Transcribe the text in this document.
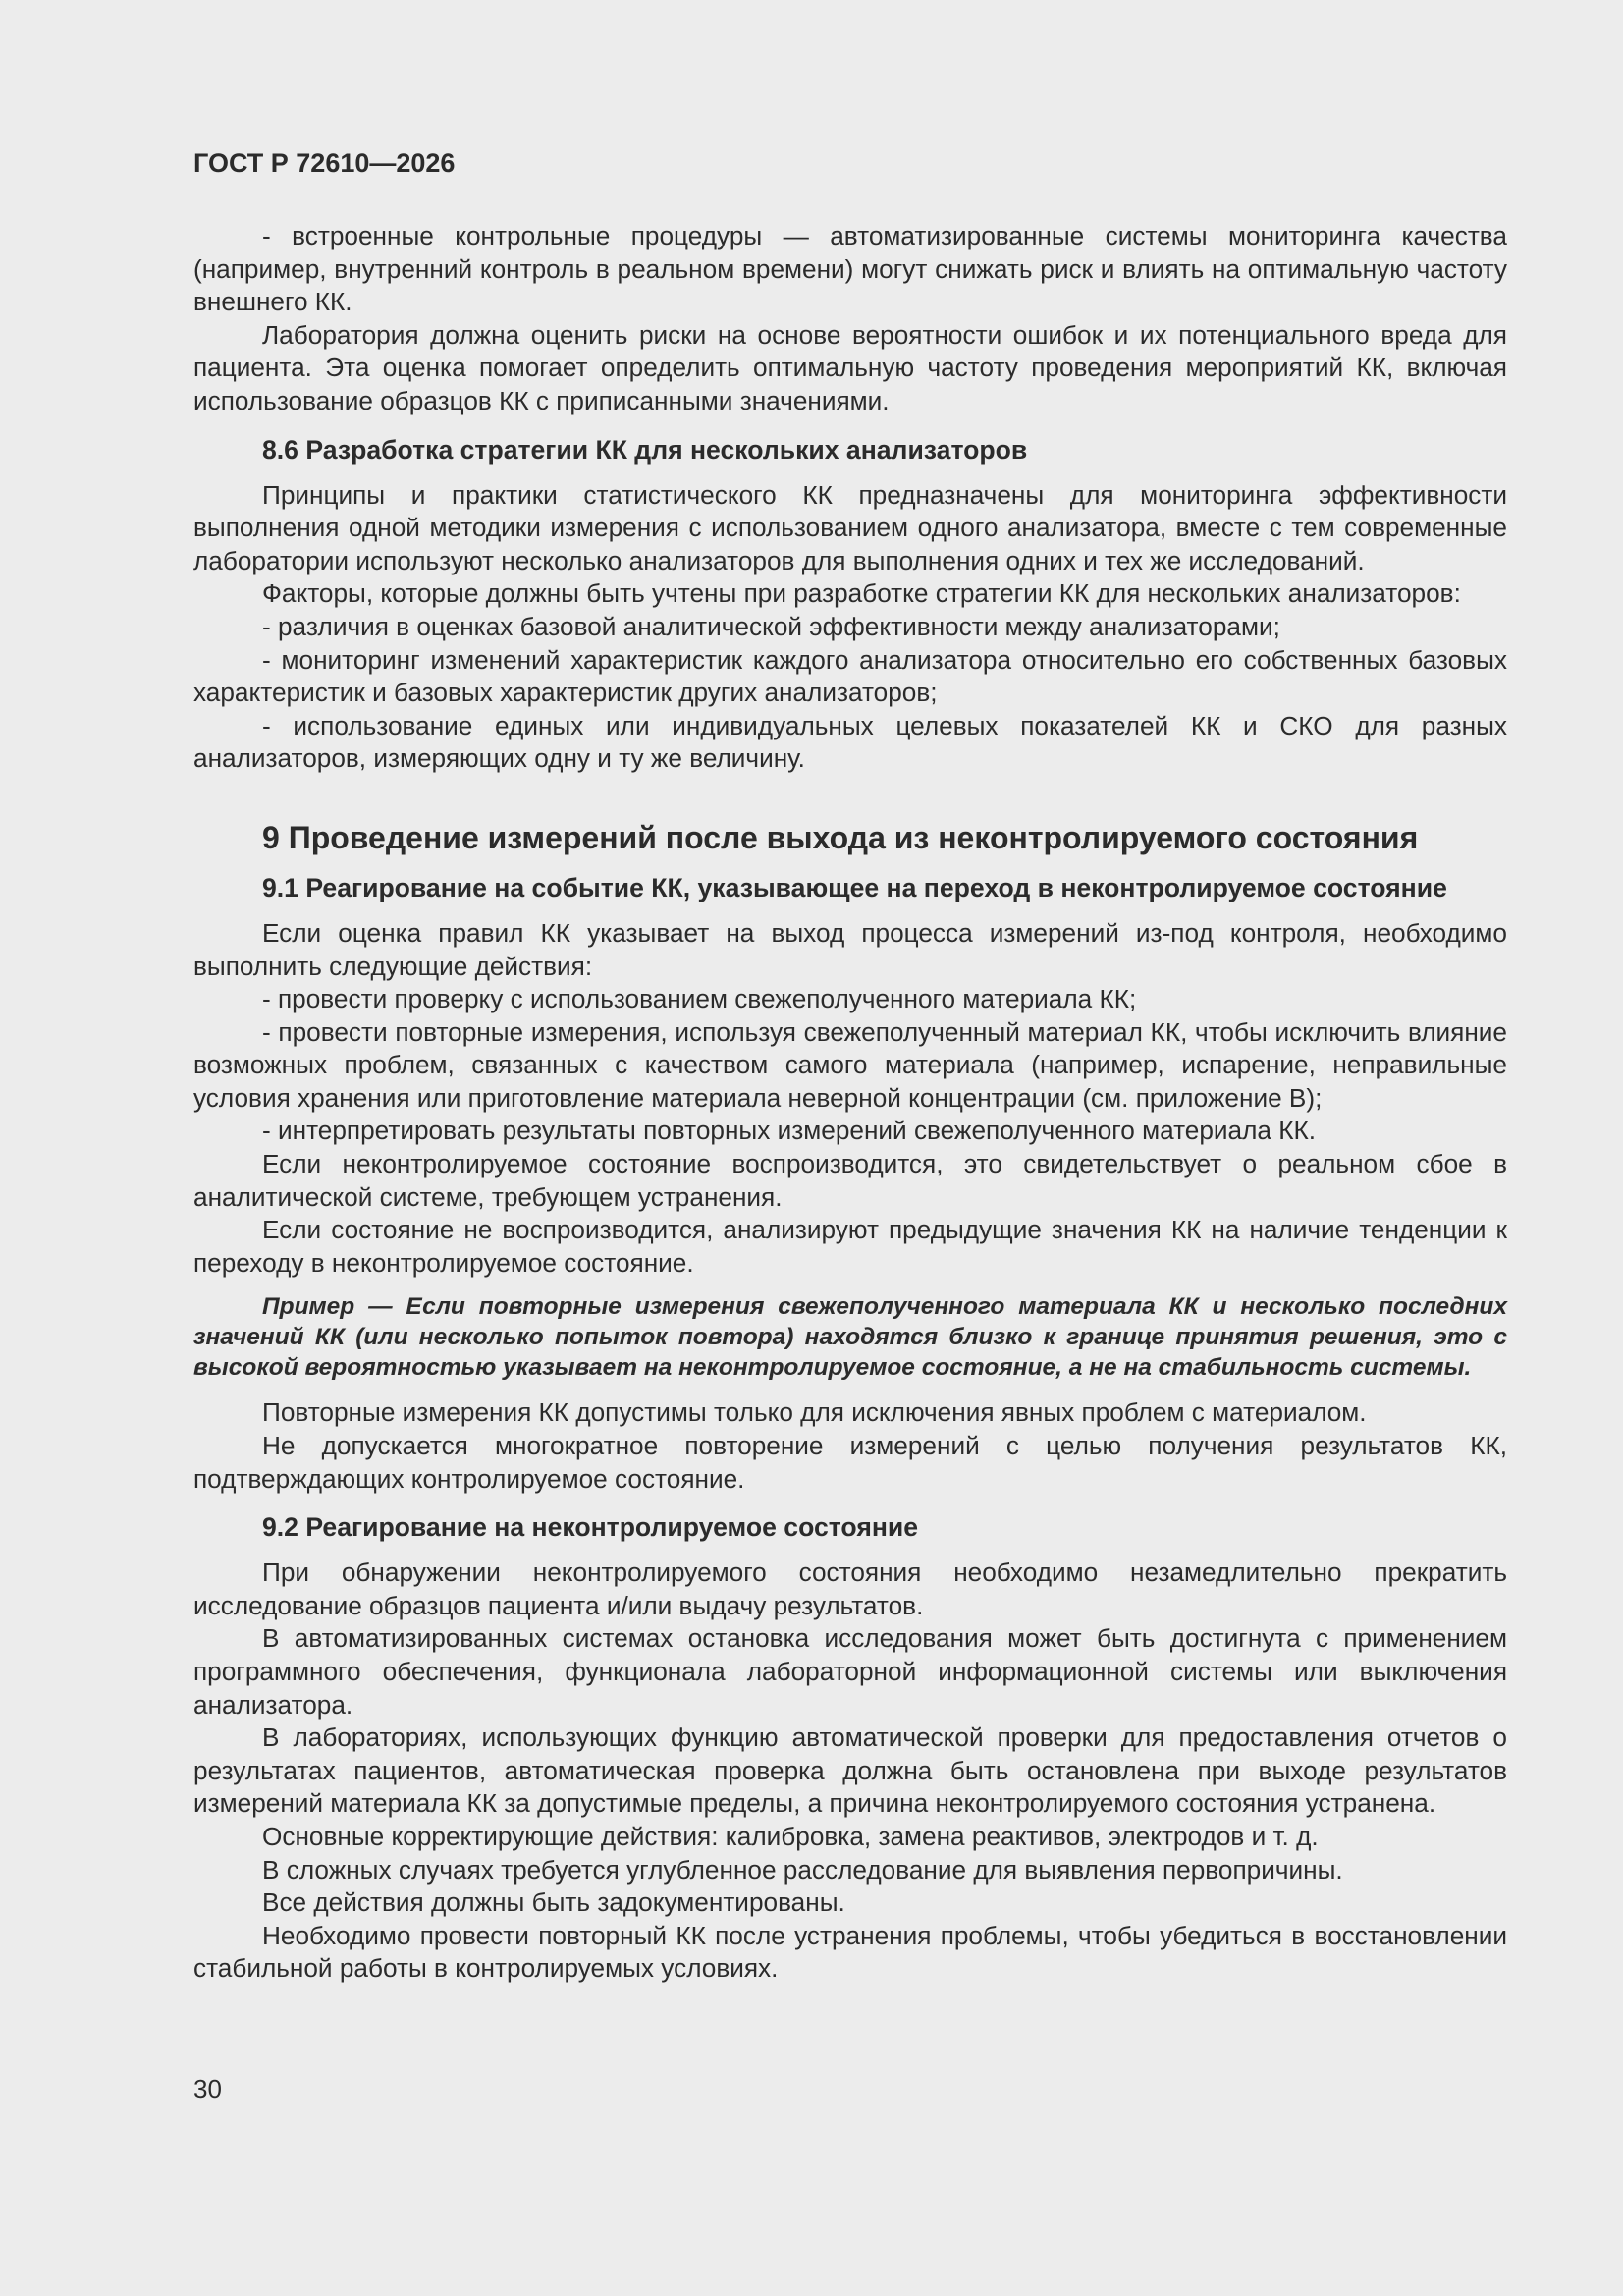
ГОСТ Р 72610—2026

- встроенные контрольные процедуры — автоматизированные системы мониторинга качества (например, внутренний контроль в реальном времени) могут снижать риск и влиять на оптимальную частоту внешнего КК.

Лаборатория должна оценить риски на основе вероятности ошибок и их потенциального вреда для пациента. Эта оценка помогает определить оптимальную частоту проведения мероприятий КК, включая использование образцов КК с приписанными значениями.

8.6 Разработка стратегии КК для нескольких анализаторов

Принципы и практики статистического КК предназначены для мониторинга эффективности выполнения одной методики измерения с использованием одного анализатора, вместе с тем современные лаборатории используют несколько анализаторов для выполнения одних и тех же исследований.

Факторы, которые должны быть учтены при разработке стратегии КК для нескольких анализаторов:

- различия в оценках базовой аналитической эффективности между анализаторами;

- мониторинг изменений характеристик каждого анализатора относительно его собственных базовых характеристик и базовых характеристик других анализаторов;

- использование единых или индивидуальных целевых показателей КК и СКО для разных анализаторов, измеряющих одну и ту же величину.

9 Проведение измерений после выхода из неконтролируемого состояния
9.1 Реагирование на событие КК, указывающее на переход в неконтролируемое состояние

Если оценка правил КК указывает на выход процесса измерений из-под контроля, необходимо выполнить следующие действия:

- провести проверку с использованием свежеполученного материала КК;

- провести повторные измерения, используя свежеполученный материал КК, чтобы исключить влияние возможных проблем, связанных с качеством самого материала (например, испарение, неправильные условия хранения или приготовление материала неверной концентрации (см. приложение В);

- интерпретировать результаты повторных измерений свежеполученного материала КК.

Если неконтролируемое состояние воспроизводится, это свидетельствует о реальном сбое в аналитической системе, требующем устранения.

Если состояние не воспроизводится, анализируют предыдущие значения КК на наличие тенденции к переходу в неконтролируемое состояние.

Пример — Если повторные измерения свежеполученного материала КК и несколько последних значений КК (или несколько попыток повтора) находятся близко к границе принятия решения, это с высокой вероятностью указывает на неконтролируемое состояние, а не на стабильность системы.

Повторные измерения КК допустимы только для исключения явных проблем с материалом.

Не допускается многократное повторение измерений с целью получения результатов КК, подтверждающих контролируемое состояние.

9.2 Реагирование на неконтролируемое состояние

При обнаружении неконтролируемого состояния необходимо незамедлительно прекратить исследование образцов пациента и/или выдачу результатов.

В автоматизированных системах остановка исследования может быть достигнута с применением программного обеспечения, функционала лабораторной информационной системы или выключения анализатора.

В лабораториях, использующих функцию автоматической проверки для предоставления отчетов о результатах пациентов, автоматическая проверка должна быть остановлена при выходе результатов измерений материала КК за допустимые пределы, а причина неконтролируемого состояния устранена.

Основные корректирующие действия: калибровка, замена реактивов, электродов и т. д.

В сложных случаях требуется углубленное расследование для выявления первопричины.

Все действия должны быть задокументированы.

Необходимо провести повторный КК после устранения проблемы, чтобы убедиться в восстановлении стабильной работы в контролируемых условиях.

30
